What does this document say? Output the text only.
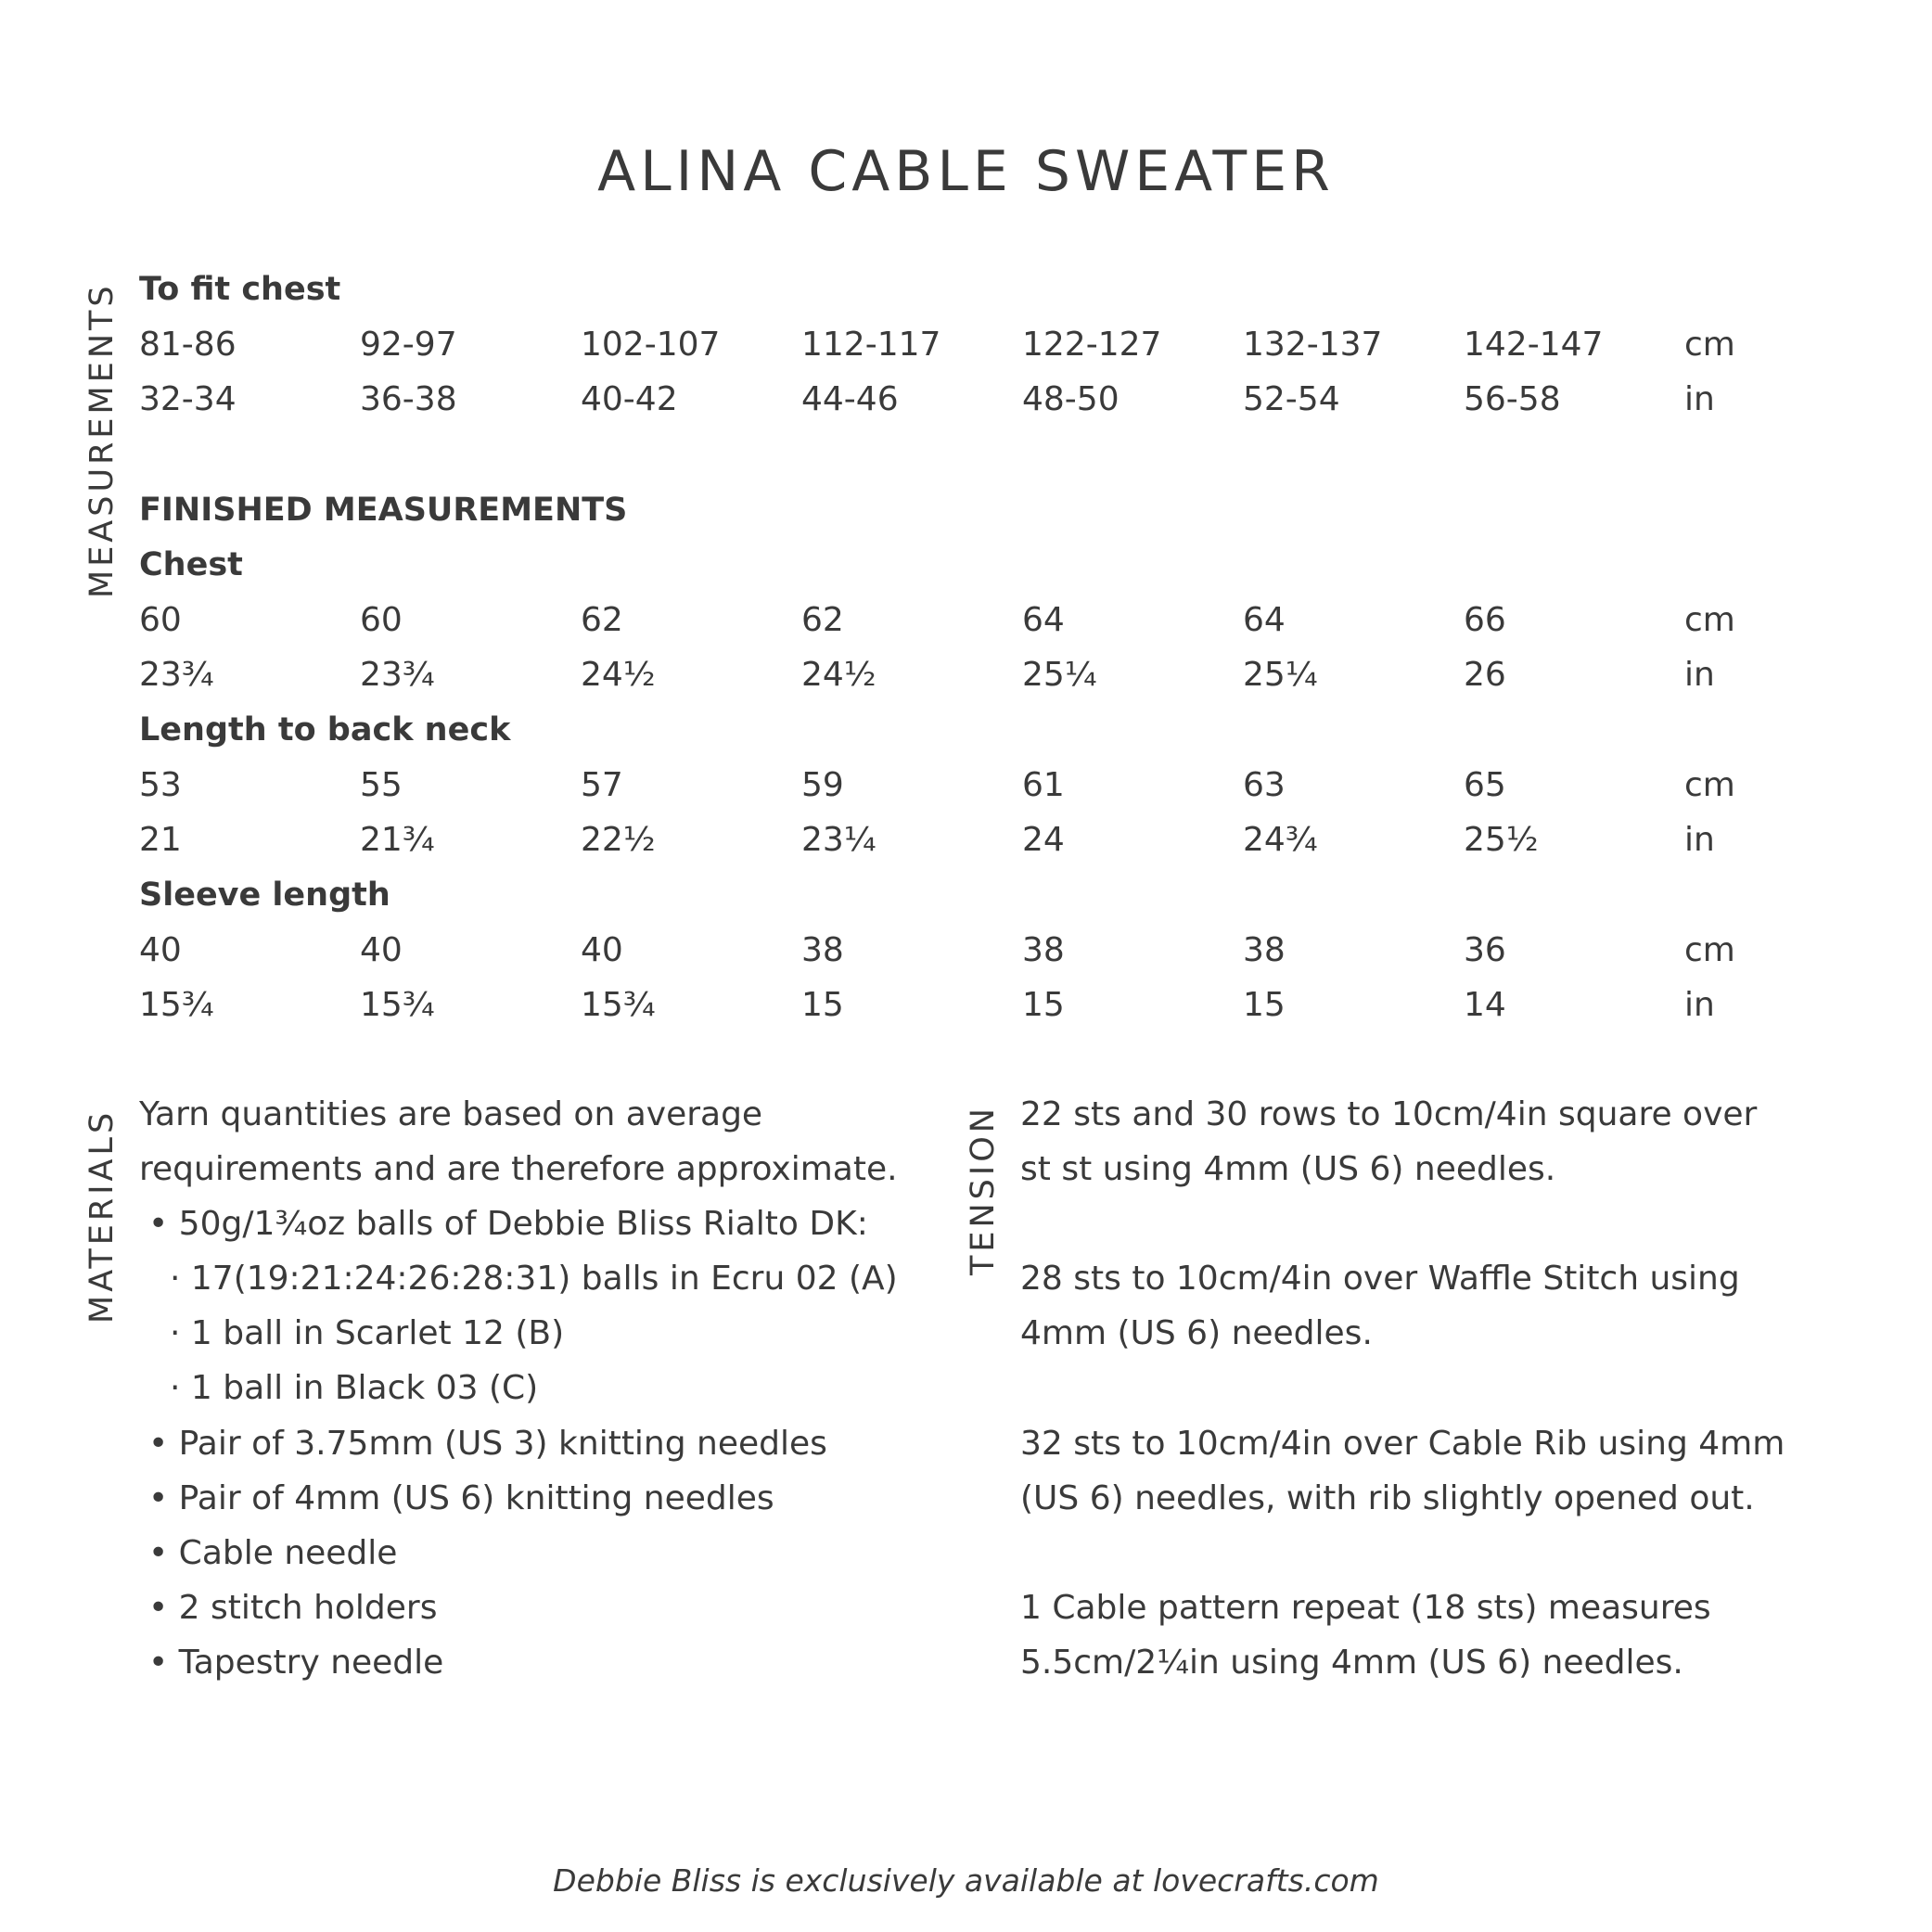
ALINA CABLE SWEATER
MEASUREMENTS
MATERIALS	TENSION
To fit chest
81-86	92-97	102-107 112-117 122-127 132-137 142-147 cm
32-34	36-38	40-42	44-46	48-50	52-54	56-58	in
FINISHED MEASUREMENTS
Chest
60	60	62	62	64	64	66	cm
23¾	23¾	24½	24½	25¼	25¼	26	in
Length to back neck
53	55	57	59	61	63	65	cm
21	21¾	22½	23¼	24	24¾	25½	in
Sleeve length
40	40	40	38	38	38	36	cm
15¾	15¾	15¾	15	15	15	14	in
Yarn quantities are based on average
requirements and are therefore approximate.
• 50g/1¾oz balls of Debbie Bliss Rialto DK:
· 17(19:21:24:26:28:31) balls in Ecru 02 (A)
· 1 ball in Scarlet 12 (B)
· 1 ball in Black 03 (C)
• Pair of 3.75mm (US 3) knitting needles
• Pair of 4mm (US 6) knitting needles
• Cable needle
• 2 stitch holders
• Tapestry needle
22 sts and 30 rows to 10cm/4in square over
st st using 4mm (US 6) needles.
28 sts to 10cm/4in over Waffle Stitch using
4mm (US 6) needles.
32 sts to 10cm/4in over Cable Rib using 4mm
(US 6) needles, with rib slightly opened out.
1 Cable pattern repeat (18 sts) measures
5.5cm/2¼in using 4mm (US 6) needles.
Debbie Bliss is exclusively available at lovecrafts.com
